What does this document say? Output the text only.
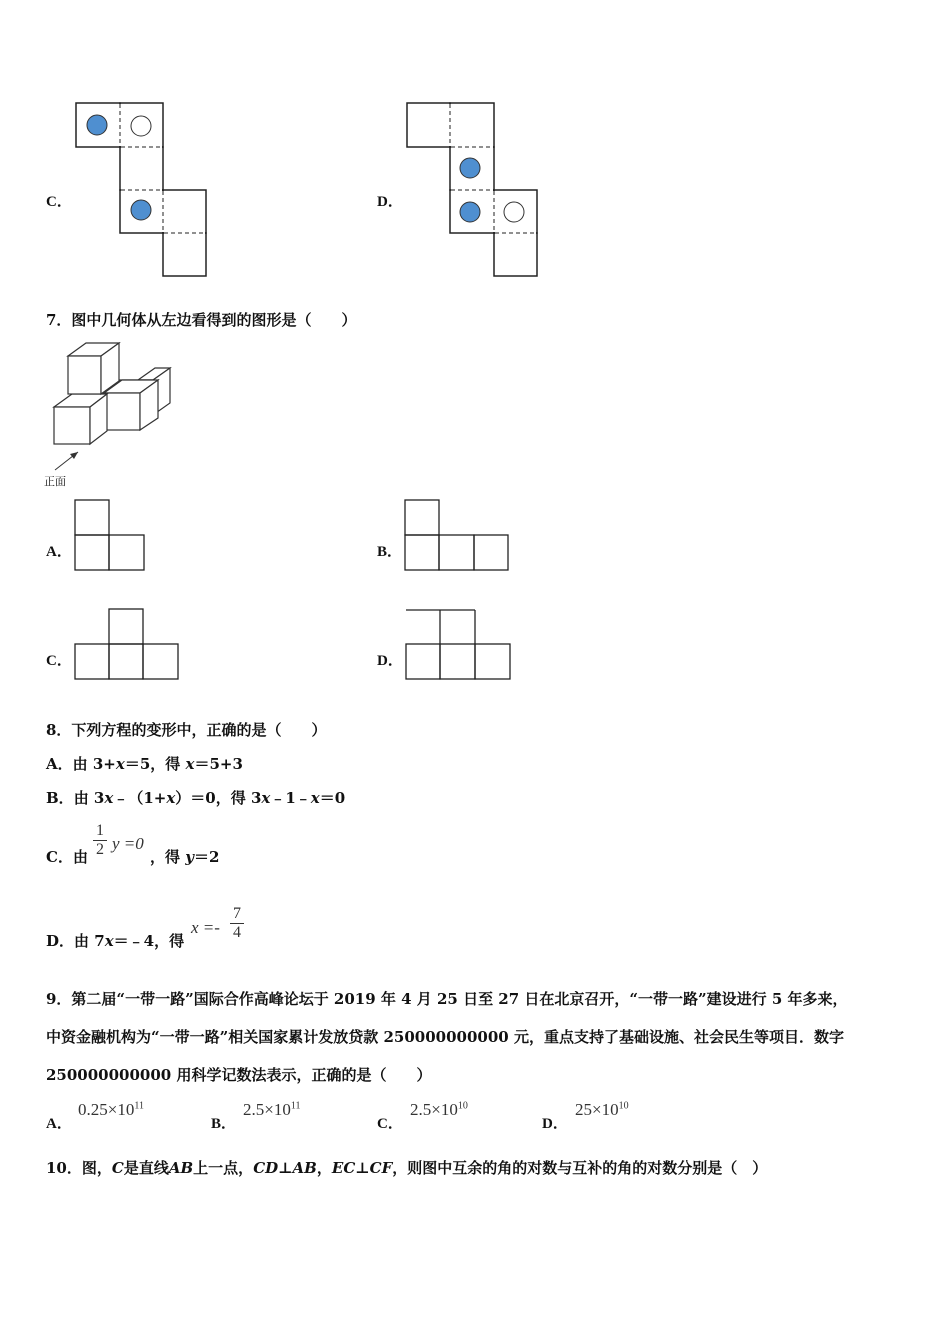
C．	D．
7．图中几何体从左边看得到的图形是（　　）
正面
A．	B．
C．	D．
8．下列方程的变形中，正确的是（　　）
A．由 3+x＝5，得 x＝5+3
B．由 3x﹣（1+x）＝0，得 3x﹣1﹣x＝0
C．由 $\frac{1}{2}$ y =0
，得 y＝2
D．由 7x＝﹣4，得
$x =- \frac{7}{4}$
9．第二届“一带一路”国际合作高峰论坛于 2019 年 4 月 25 日至 27 日在北京召开，“一带一路”建设进行 5 年多来，
中资金融机构为“一带一路”相关国家累计发放贷款 250000000000 元，重点支持了基础设施、社会民生等项目．数字
250000000000 用科学记数法表示，正确的是（　　）
A．
$0.25\times 10^{11}$
B．
$2.5\times 10^{11}$
C．
$2.5\times 10^{10}$
D．
$25\times 10^{10}$
10．图，C是直线AB上一点，CD⊥AB，EC⊥CF，则图中互余的角的对数与互补的角的对数分别是（　）
